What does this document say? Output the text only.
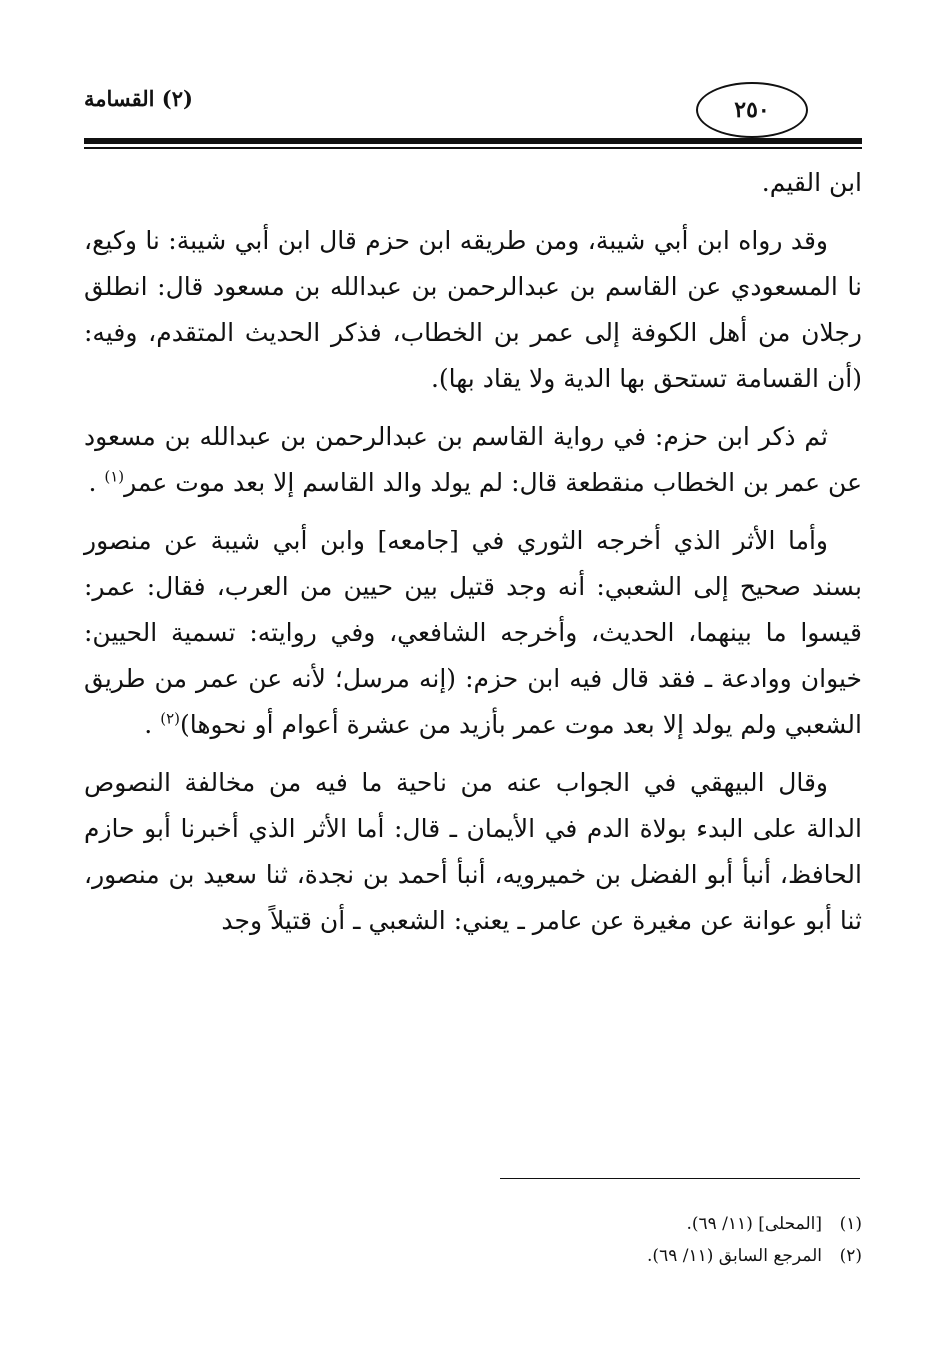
٢٥٠
(٢) القسامة

ابن القيم.

وقد رواه ابن أبي شيبة، ومن طريقه ابن حزم قال ابن أبي شيبة: نا وكيع، نا المسعودي عن القاسم بن عبدالرحمن بن عبدالله بن مسعود قال: انطلق رجلان من أهل الكوفة إلى عمر بن الخطاب، فذكر الحديث المتقدم، وفيه: (أن القسامة تستحق بها الدية ولا يقاد بها).

ثم ذكر ابن حزم: في رواية القاسم بن عبدالرحمن بن عبدالله بن مسعود عن عمر بن الخطاب منقطعة قال: لم يولد والد القاسم إلا بعد موت عمر$^{(١)}$ .

وأما الأثر الذي أخرجه الثوري في [جامعه] وابن أبي شيبة عن منصور بسند صحيح إلى الشعبي: أنه وجد قتيل بين حيين من العرب، فقال: عمر: قيسوا ما بينهما، الحديث، وأخرجه الشافعي، وفي روايته: تسمية الحيين: خيوان ووادعة ـ فقد قال فيه ابن حزم: (إنه مرسل؛ لأنه عن عمر من طريق الشعبي ولم يولد إلا بعد موت عمر بأزيد من عشرة أعوام أو نحوها)$^{(٢)}$ .

وقال البيهقي في الجواب عنه من ناحية ما فيه من مخالفة النصوص الدالة على البدء بولاة الدم في الأيمان ـ قال: أما الأثر الذي أخبرنا أبو حازم الحافظ، أنبأ أبو الفضل بن خميرويه، أنبأ أحمد بن نجدة، ثنا سعيد بن منصور، ثنا أبو عوانة عن مغيرة عن عامر ـ يعني: الشعبي ـ أن قتيلاً وجد

(١)[المحلى] (١١/ ٦٩).
(٢)المرجع السابق (١١/ ٦٩).
